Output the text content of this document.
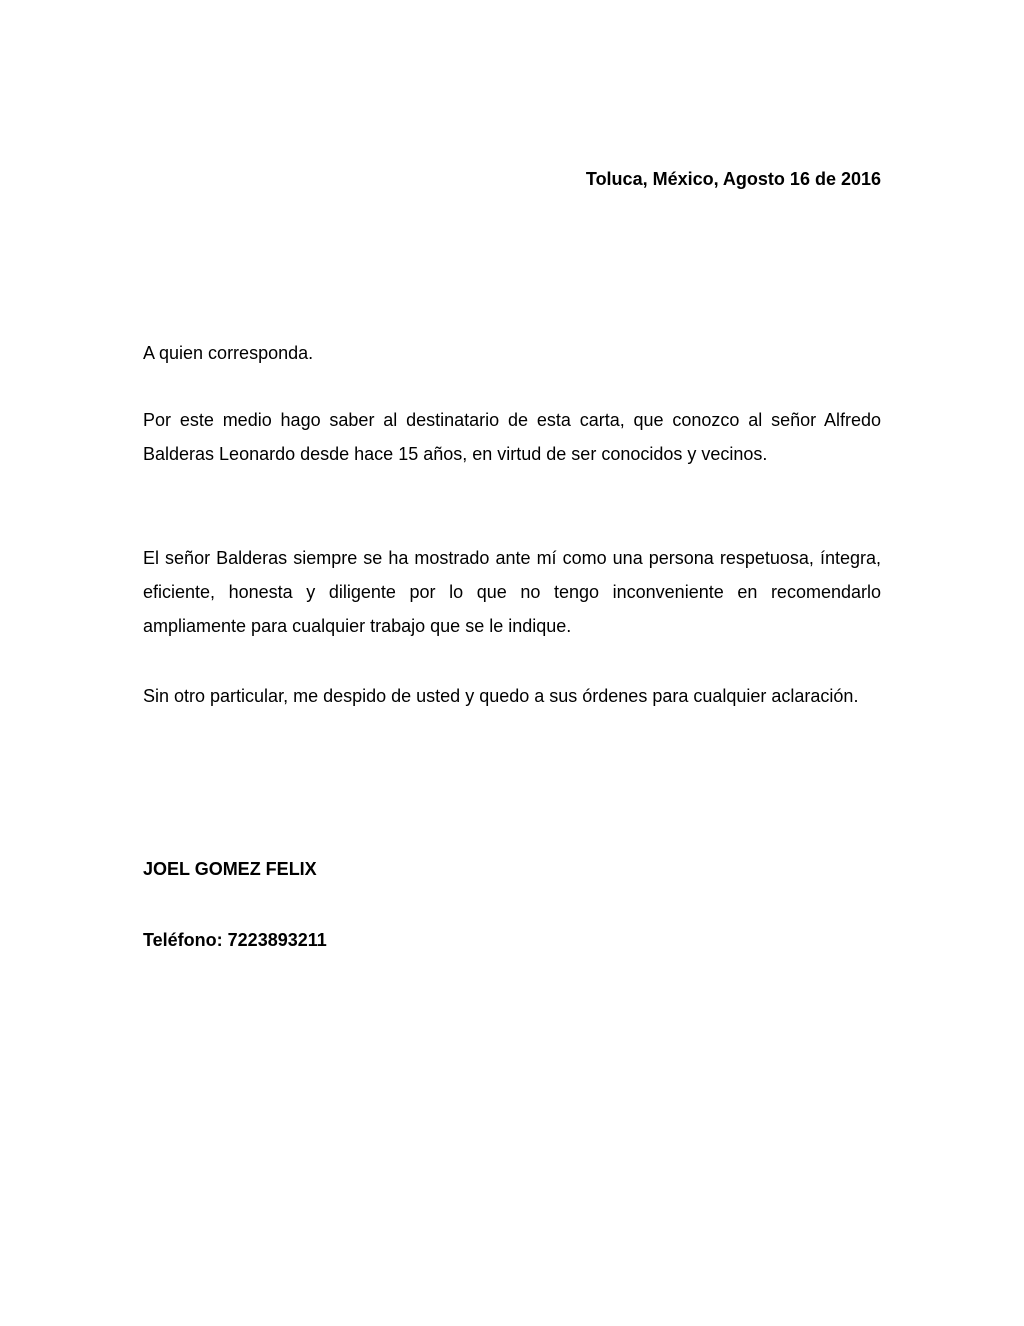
Toluca, México, Agosto 16 de 2016
A quien corresponda.

Por este medio hago saber al destinatario de esta carta, que conozco al señor Alfredo Balderas Leonardo desde hace 15 años, en virtud de ser conocidos y vecinos.

El señor Balderas siempre se ha mostrado ante mí como una persona respetuosa, íntegra, eficiente, honesta y diligente por lo que no tengo inconveniente en recomendarlo ampliamente para cualquier trabajo que se le indique.

Sin otro particular, me despido de usted y quedo a sus órdenes para cualquier aclaración.

JOEL GOMEZ FELIX
Teléfono: 7223893211
